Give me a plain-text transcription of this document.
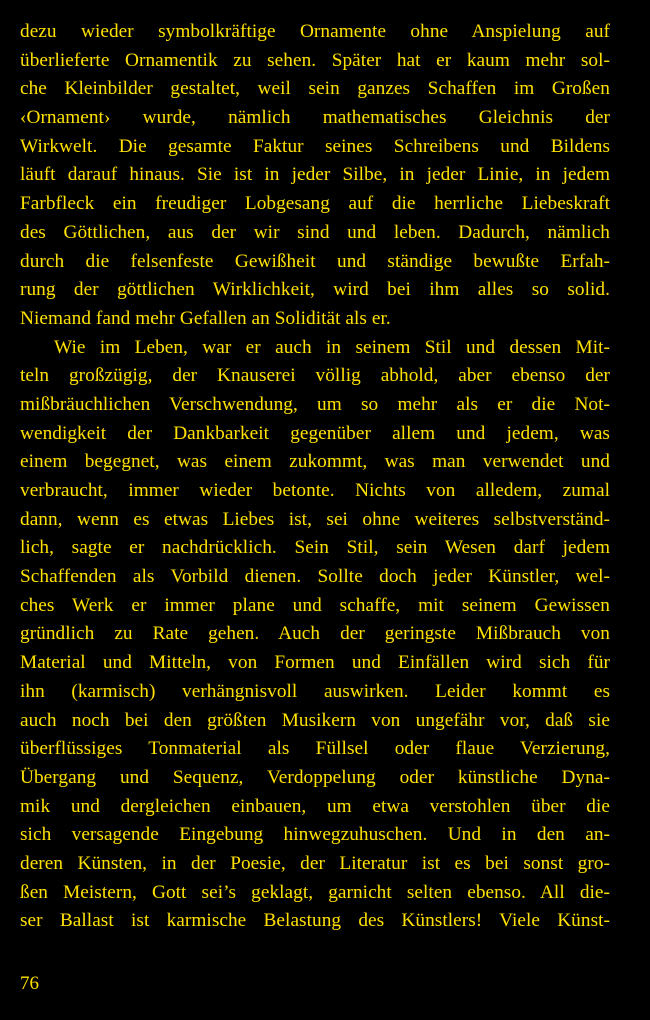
dezu wieder symbolkräftige Ornamente ohne Anspielung auf
überlieferte Ornamentik zu sehen. Später hat er kaum mehr sol-
che Kleinbilder gestaltet, weil sein ganzes Schaffen im Großen
‹Ornament› wurde, nämlich mathematisches Gleichnis der
Wirkwelt. Die gesamte Faktur seines Schreibens und Bildens
läuft darauf hinaus. Sie ist in jeder Silbe, in jeder Linie, in jedem
Farbfleck ein freudiger Lobgesang auf die herrliche Liebeskraft
des Göttlichen, aus der wir sind und leben. Dadurch, nämlich
durch die felsenfeste Gewißheit und ständige bewußte Erfah-
rung der göttlichen Wirklichkeit, wird bei ihm alles so solid.
Niemand fand mehr Gefallen an Solidität als er.
Wie im Leben, war er auch in seinem Stil und dessen Mit-
teln großzügig, der Knauserei völlig abhold, aber ebenso der
mißbräuchlichen Verschwendung, um so mehr als er die Not-
wendigkeit der Dankbarkeit gegenüber allem und jedem, was
einem begegnet, was einem zukommt, was man verwendet und
verbraucht, immer wieder betonte. Nichts von alledem, zumal
dann, wenn es etwas Liebes ist, sei ohne weiteres selbstverständ-
lich, sagte er nachdrücklich. Sein Stil, sein Wesen darf jedem
Schaffenden als Vorbild dienen. Sollte doch jeder Künstler, wel-
ches Werk er immer plane und schaffe, mit seinem Gewissen
gründlich zu Rate gehen. Auch der geringste Mißbrauch von
Material und Mitteln, von Formen und Einfällen wird sich für
ihn (karmisch) verhängnisvoll auswirken. Leider kommt es
auch noch bei den größten Musikern von ungefähr vor, daß sie
überflüssiges Tonmaterial als Füllsel oder flaue Verzierung,
Übergang und Sequenz, Verdoppelung oder künstliche Dyna-
mik und dergleichen einbauen, um etwa verstohlen über die
sich versagende Eingebung hinwegzuhuschen. Und in den an-
deren Künsten, in der Poesie, der Literatur ist es bei sonst gro-
ßen Meistern, Gott sei’s geklagt, garnicht selten ebenso. All die-
ser Ballast ist karmische Belastung des Künstlers! Viele Künst-
76
